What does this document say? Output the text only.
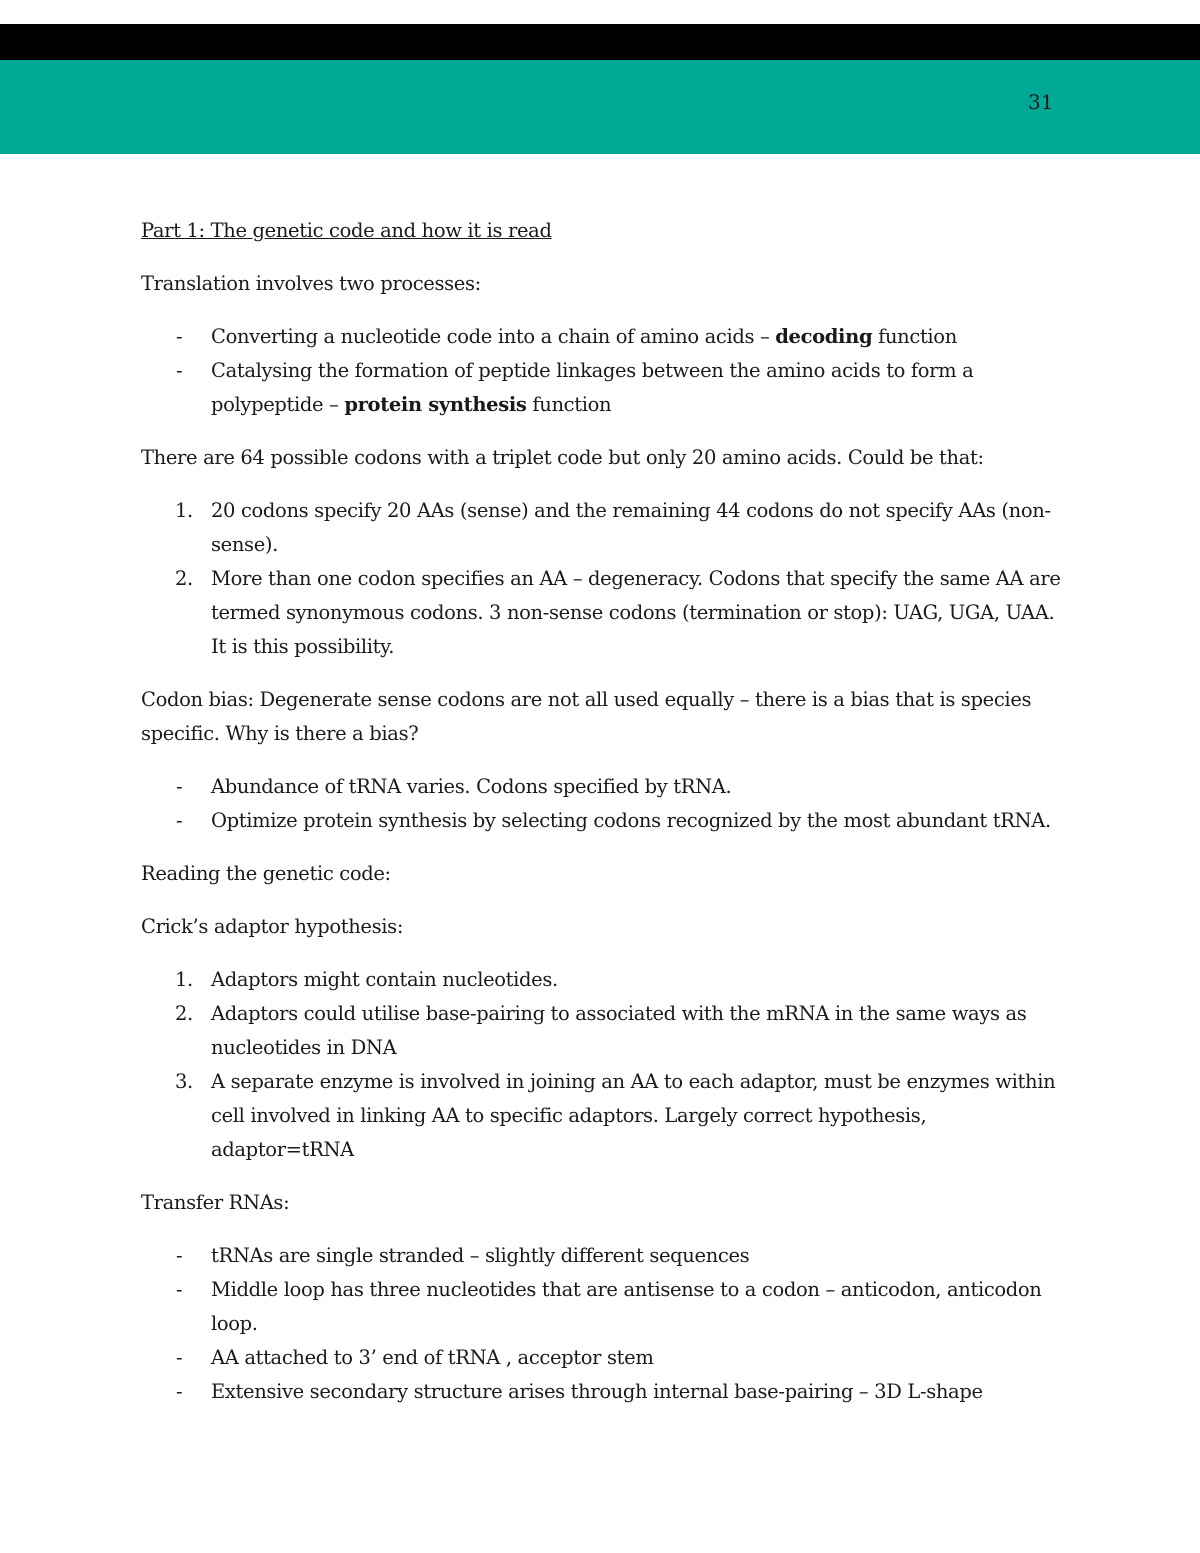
31

Part 1: The genetic code and how it is read

Translation involves two processes:

-	Converting a nucleotide code into a chain of amino acids – decoding function
-	Catalysing the formation of peptide linkages between the amino acids to form a polypeptide – protein synthesis function

There are 64 possible codons with a triplet code but only 20 amino acids. Could be that:

1. 20 codons specify 20 AAs (sense) and the remaining 44 codons do not specify AAs (non-sense).
2. More than one codon specifies an AA – degeneracy. Codons that specify the same AA are termed synonymous codons. 3 non-sense codons (termination or stop): UAG, UGA, UAA. It is this possibility.

Codon bias: Degenerate sense codons are not all used equally – there is a bias that is species specific. Why is there a bias?

-	Abundance of tRNA varies. Codons specified by tRNA.
-	Optimize protein synthesis by selecting codons recognized by the most abundant tRNA.

Reading the genetic code:

Crick’s adaptor hypothesis:

1. Adaptors might contain nucleotides.
2. Adaptors could utilise base-pairing to associated with the mRNA in the same ways as nucleotides in DNA
3. A separate enzyme is involved in joining an AA to each adaptor, must be enzymes within cell involved in linking AA to specific adaptors. Largely correct hypothesis, adaptor=tRNA

Transfer RNAs:

-	tRNAs are single stranded – slightly different sequences
-	Middle loop has three nucleotides that are antisense to a codon – anticodon, anticodon loop.
-	AA attached to 3’ end of tRNA , acceptor stem
-	Extensive secondary structure arises through internal base-pairing – 3D L-shape
